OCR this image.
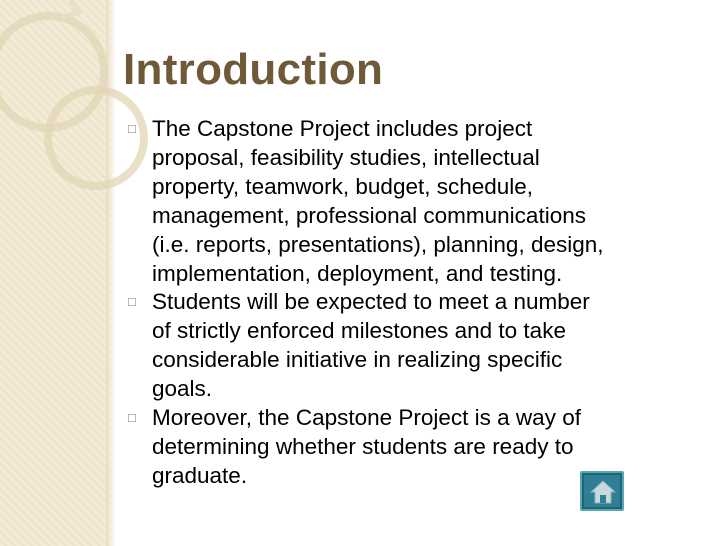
Introduction
□ The Capstone Project includes project
proposal, feasibility studies, intellectual
property, teamwork, budget, schedule,
management, professional communications
(i.e. reports, presentations), planning, design,
implementation, deployment, and testing.
□ Students will be expected to meet a number
of strictly enforced milestones and to take
considerable initiative in realizing specific
goals.
□ Moreover, the Capstone Project is a way of
determining whether students are ready to
graduate.
